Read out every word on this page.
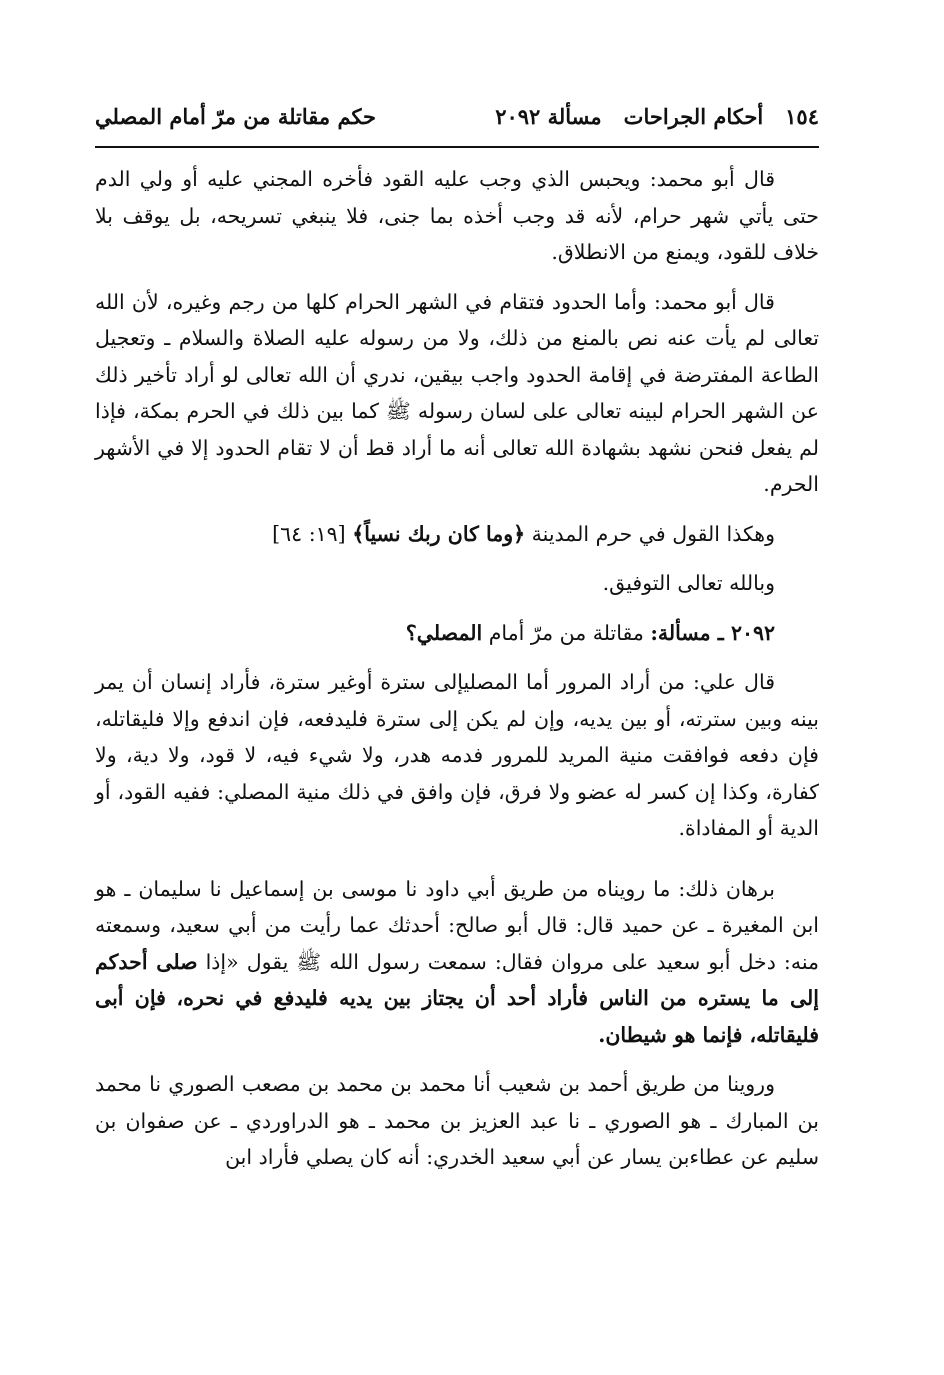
١٥٤
أحكام الجراحات
مسألة ٢٠٩٢
حكم مقاتلة من مرّ أمام المصلي

قال أبو محمد: ويحبس الذي وجب عليه القود فأخره المجني عليه أو ولي الدم حتى يأتي شهر حرام، لأنه قد وجب أخذه بما جنى، فلا ينبغي تسريحه، بل يوقف بلا خلاف للقود، ويمنع من الانطلاق.

قال أبو محمد: وأما الحدود فتقام في الشهر الحرام كلها من رجم وغيره، لأن الله تعالى لم يأت عنه نص بالمنع من ذلك، ولا من رسوله عليه الصلاة والسلام ـ وتعجيل الطاعة المفترضة في إقامة الحدود واجب بيقين، ندري أن الله تعالى لو أراد تأخير ذلك عن الشهر الحرام لبينه تعالى على لسان رسوله ﷺ كما بين ذلك في الحرم بمكة، فإذا لم يفعل فنحن نشهد بشهادة الله تعالى أنه ما أراد قط أن لا تقام الحدود إلا في الأشهر الحرم.

وهكذا القول في حرم المدينة ﴿وما كان ربك نسياً﴾ [١٩: ٦٤]

وبالله تعالى التوفيق.

٢٠٩٢ ـ مسألة: مقاتلة من مرّ أمام المصلي؟

قال علي: من أراد المرور أما المصليإلى سترة أوغير سترة، فأراد إنسان أن يمر بينه وبين سترته، أو بين يديه، وإن لم يكن إلى سترة فليدفعه، فإن اندفع وإلا فليقاتله، فإن دفعه فوافقت منية المريد للمرور فدمه هدر، ولا شيء فيه، لا قود، ولا دية، ولا كفارة، وكذا إن كسر له عضو ولا فرق، فإن وافق في ذلك منية المصلي: ففيه القود، أو الدية أو المفاداة.

برهان ذلك: ما رويناه من طريق أبي داود نا موسى بن إسماعيل نا سليمان ـ هو ابن المغيرة ـ عن حميد قال: قال أبو صالح: أحدثك عما رأيت من أبي سعيد، وسمعته منه: دخل أبو سعيد على مروان فقال: سمعت رسول الله ﷺ يقول «إذا صلى أحدكم إلى ما يستره من الناس فأراد أحد أن يجتاز بين يديه فليدفع في نحره، فإن أبى فليقاتله، فإنما هو شيطان.

وروينا من طريق أحمد بن شعيب أنا محمد بن محمد بن مصعب الصوري نا محمد بن المبارك ـ هو الصوري ـ نا عبد العزيز بن محمد ـ هو الدراوردي ـ عن صفوان بن سليم عن عطاءبن يسار عن أبي سعيد الخدري: أنه كان يصلي فأراد ابن
